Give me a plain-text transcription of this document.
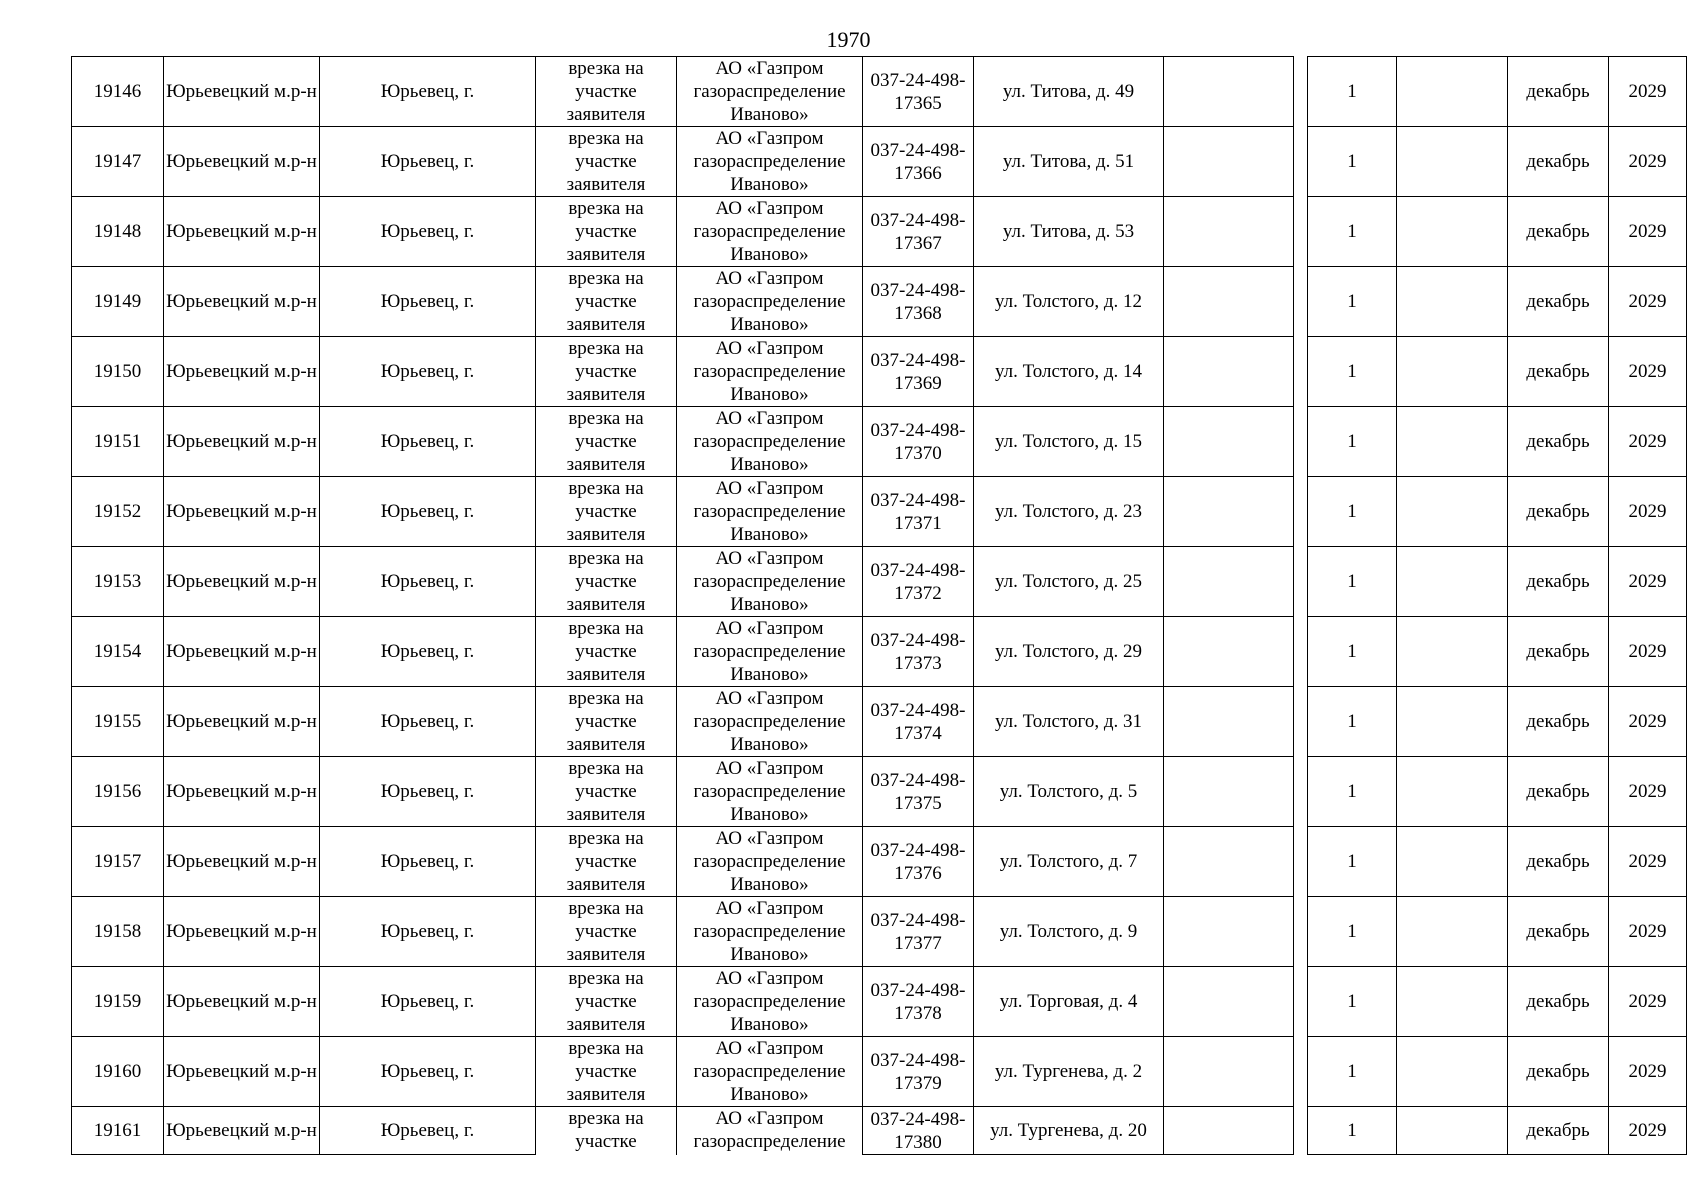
1970
19146	Юрьевецкий м.р-н	Юрьевец, г.	врезка на участке заявителя	АО «Газпром газораспределение Иваново»	037-24-498-17365	ул. Титова, д. 49			1		декабрь	2029
19147	Юрьевецкий м.р-н	Юрьевец, г.	врезка на участке заявителя	АО «Газпром газораспределение Иваново»	037-24-498-17366	ул. Титова, д. 51			1		декабрь	2029
19148	Юрьевецкий м.р-н	Юрьевец, г.	врезка на участке заявителя	АО «Газпром газораспределение Иваново»	037-24-498-17367	ул. Титова, д. 53			1		декабрь	2029
19149	Юрьевецкий м.р-н	Юрьевец, г.	врезка на участке заявителя	АО «Газпром газораспределение Иваново»	037-24-498-17368	ул. Толстого, д. 12			1		декабрь	2029
19150	Юрьевецкий м.р-н	Юрьевец, г.	врезка на участке заявителя	АО «Газпром газораспределение Иваново»	037-24-498-17369	ул. Толстого, д. 14			1		декабрь	2029
19151	Юрьевецкий м.р-н	Юрьевец, г.	врезка на участке заявителя	АО «Газпром газораспределение Иваново»	037-24-498-17370	ул. Толстого, д. 15			1		декабрь	2029
19152	Юрьевецкий м.р-н	Юрьевец, г.	врезка на участке заявителя	АО «Газпром газораспределение Иваново»	037-24-498-17371	ул. Толстого, д. 23			1		декабрь	2029
19153	Юрьевецкий м.р-н	Юрьевец, г.	врезка на участке заявителя	АО «Газпром газораспределение Иваново»	037-24-498-17372	ул. Толстого, д. 25			1		декабрь	2029
19154	Юрьевецкий м.р-н	Юрьевец, г.	врезка на участке заявителя	АО «Газпром газораспределение Иваново»	037-24-498-17373	ул. Толстого, д. 29			1		декабрь	2029
19155	Юрьевецкий м.р-н	Юрьевец, г.	врезка на участке заявителя	АО «Газпром газораспределение Иваново»	037-24-498-17374	ул. Толстого, д. 31			1		декабрь	2029
19156	Юрьевецкий м.р-н	Юрьевец, г.	врезка на участке заявителя	АО «Газпром газораспределение Иваново»	037-24-498-17375	ул. Толстого, д. 5			1		декабрь	2029
19157	Юрьевецкий м.р-н	Юрьевец, г.	врезка на участке заявителя	АО «Газпром газораспределение Иваново»	037-24-498-17376	ул. Толстого, д. 7			1		декабрь	2029
19158	Юрьевецкий м.р-н	Юрьевец, г.	врезка на участке заявителя	АО «Газпром газораспределение Иваново»	037-24-498-17377	ул. Толстого, д. 9			1		декабрь	2029
19159	Юрьевецкий м.р-н	Юрьевец, г.	врезка на участке заявителя	АО «Газпром газораспределение Иваново»	037-24-498-17378	ул. Торговая, д. 4			1		декабрь	2029
19160	Юрьевецкий м.р-н	Юрьевец, г.	врезка на участке заявителя	АО «Газпром газораспределение Иваново»	037-24-498-17379	ул. Тургенева, д. 2			1		декабрь	2029
19161	Юрьевецкий м.р-н	Юрьевец, г.	врезка на участке	АО «Газпром газораспределение	037-24-498-17380	ул. Тургенева, д. 20			1		декабрь	2029
